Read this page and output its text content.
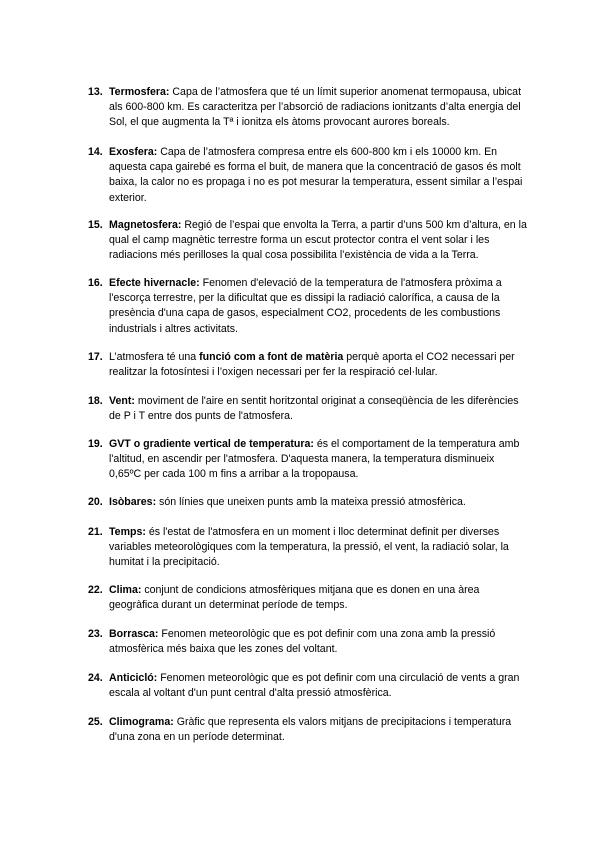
13. Termosfera: Capa de l’atmosfera que té un límit superior anomenat termopausa, ubicat als 600-800 km. Es caracteritza per l’absorció de radiacions ionitzants d’alta energia del Sol, el que augmenta la Tª i ionitza els àtoms provocant aurores boreals.
14. Exosfera: Capa de l’atmosfera compresa entre els 600-800 km i els 10000 km. En aquesta capa gairebé es forma el buit, de manera que la concentració de gasos és molt baixa, la calor no es propaga i no es pot mesurar la temperatura, essent similar a l’espai exterior.
15. Magnetosfera: Regió de l’espai que envolta la Terra, a partir d’uns 500 km d’altura, en la qual el camp magnètic terrestre forma un escut protector contra el vent solar i les radiacions més perilloses la qual cosa possibilita l’existència de vida a la Terra.
16. Efecte hivernacle: Fenomen d'elevació de la temperatura de l'atmosfera pròxima a l'escorça terrestre, per la dificultat que es dissipi la radiació calorífica, a causa de la presència d'una capa de gasos, especialment CO2, procedents de les combustions industrials i altres activitats.
17. L’atmosfera té una funció com a font de matèria perquè aporta el CO2 necessari per realitzar la fotosíntesi i l’oxigen necessari per fer la respiració cel·lular.
18. Vent: moviment de l'aire en sentit horitzontal originat a conseqüència de les diferències de P i T entre dos punts de l'atmosfera.
19. GVT o gradiente vertical de temperatura: és el comportament de la temperatura amb l'altitud, en ascendir per l'atmosfera. D'aquesta manera, la temperatura disminueix 0,65ºC per cada 100 m fins a arribar a la tropopausa.
20. Isòbares: són línies que uneixen punts amb la mateixa pressió atmosfèrica.
21. Temps: és l'estat de l'atmosfera en un moment i lloc determinat definit per diverses variables meteorològiques com la temperatura, la pressió, el vent, la radiació solar, la humitat i la precipitació.
22. Clima: conjunt de condicions atmosfèriques mitjana que es donen en una àrea geogràfica durant un determinat període de temps.
23. Borrasca: Fenomen meteorològic que es pot definir com una zona amb la pressió atmosfèrica més baixa que les zones del voltant.
24. Anticicló: Fenomen meteorològic que es pot definir com una circulació de vents a gran escala al voltant d'un punt central d'alta pressió atmosfèrica.
25. Climograma: Gràfic que representa els valors mitjans de precipitacions i temperatura d'una zona en un període determinat.
